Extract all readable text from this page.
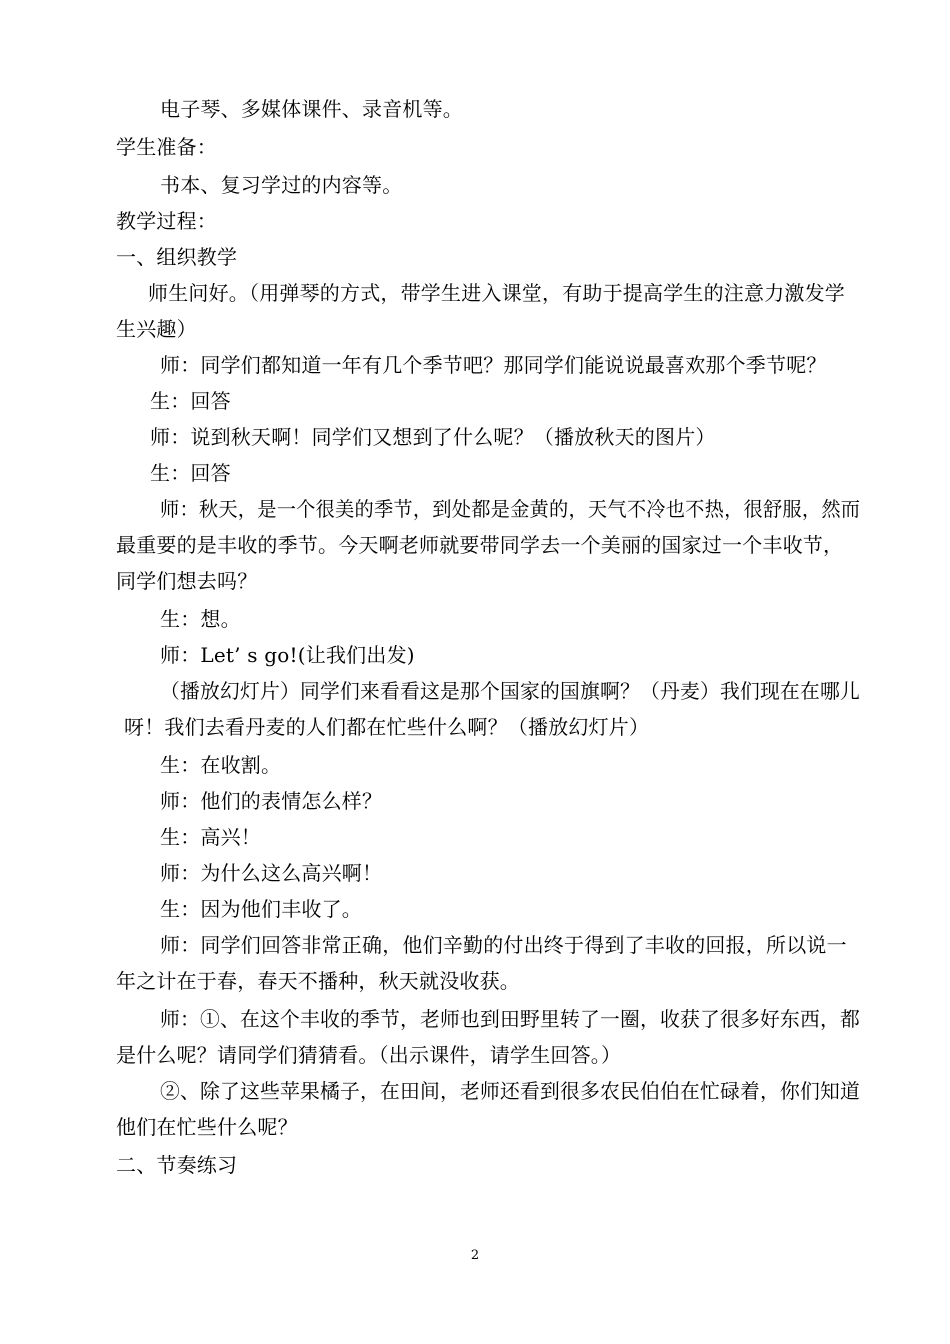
电子琴、多媒体课件、录音机等。
学生准备：
书本、复习学过的内容等。
教学过程：
一、组织教学
师生问好。（用弹琴的方式，带学生进入课堂，有助于提高学生的注意力激发学
生兴趣）
师：同学们都知道一年有几个季节吧？那同学们能说说最喜欢那个季节呢？
生：回答
师：说到秋天啊！同学们又想到了什么呢？（播放秋天的图片）
生：回答
师：秋天，是一个很美的季节，到处都是金黄的，天气不冷也不热，很舒服，然而
最重要的是丰收的季节。今天啊老师就要带同学去一个美丽的国家过一个丰收节，
同学们想去吗？
生：想。
师：Let’ s go!(让我们出发)
（播放幻灯片）同学们来看看这是那个国家的国旗啊？（丹麦）我们现在在哪儿
呀！我们去看丹麦的人们都在忙些什么啊？（播放幻灯片）
生：在收割。
师：他们的表情怎么样？
生：高兴！
师：为什么这么高兴啊！
生：因为他们丰收了。
师：同学们回答非常正确，他们辛勤的付出终于得到了丰收的回报，所以说一
年之计在于春，春天不播种，秋天就没收获。
师：①、在这个丰收的季节，老师也到田野里转了一圈，收获了很多好东西，都
是什么呢？请同学们猜猜看。（出示课件，请学生回答。）
②、除了这些苹果橘子，在田间，老师还看到很多农民伯伯在忙碌着，你们知道
他们在忙些什么呢？
二、节奏练习
2
